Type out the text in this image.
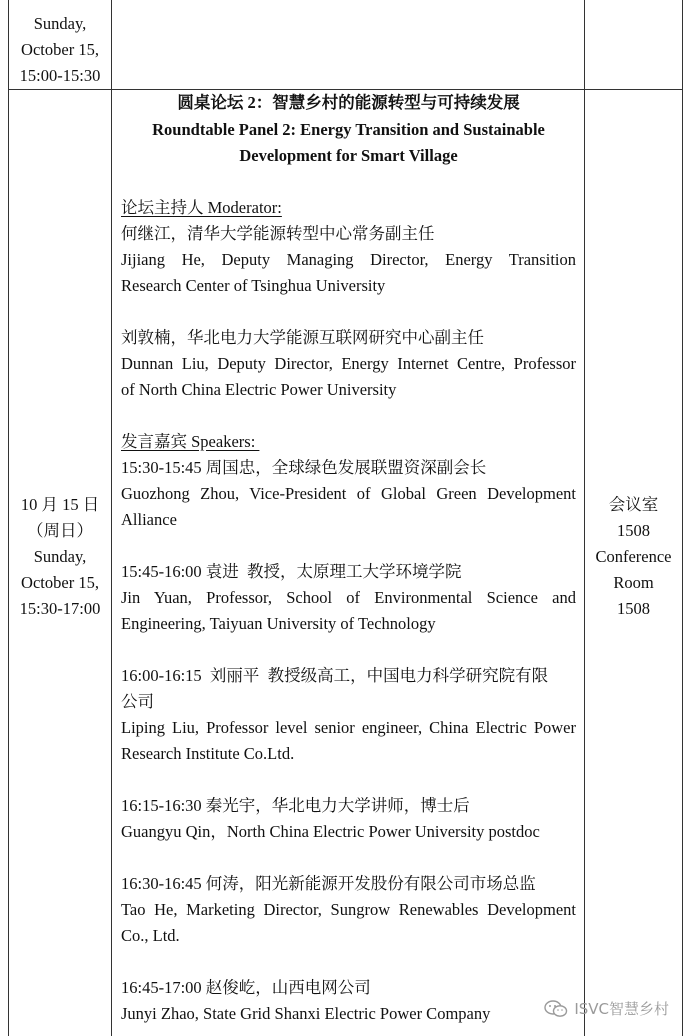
Sunday,
October 15,
15:00-15:30
10 月 15 日
（周日）
Sunday,
October 15,
15:30-17:00
会议室
1508
Conference
Room
1508
圆桌论坛 2：智慧乡村的能源转型与可持续发展
Roundtable Panel 2: Energy Transition and Sustainable
Development for Smart Village
论坛主持人 Moderator:
何继江，清华大学能源转型中心常务副主任
Jijiang He, Deputy Managing Director, Energy Transition
Research Center of Tsinghua University
刘敦楠，华北电力大学能源互联网研究中心副主任
Dunnan Liu, Deputy Director, Energy Internet Centre, Professor
of North China Electric Power University
发言嘉宾 Speakers:
15:30-15:45 周国忠，全球绿色发展联盟资深副会长
Guozhong Zhou, Vice-President of Global Green Development
Alliance
15:45-16:00 袁进  教授，太原理工大学环境学院
Jin Yuan, Professor, School of Environmental Science and
Engineering, Taiyuan University of Technology
16:00-16:15  刘丽平  教授级高工，中国电力科学研究院有限
公司
Liping Liu, Professor level senior engineer, China Electric Power
Research Institute Co.Ltd.
16:15-16:30 秦光宇，华北电力大学讲师，博士后
Guangyu Qin，North China Electric Power University postdoc
16:30-16:45 何涛，阳光新能源开发股份有限公司市场总监
Tao He, Marketing Director, Sungrow Renewables Development
Co., Ltd.
16:45-17:00 赵俊屹，山西电网公司
Junyi Zhao, State Grid Shanxi Electric Power Company	ISVC智慧乡村
